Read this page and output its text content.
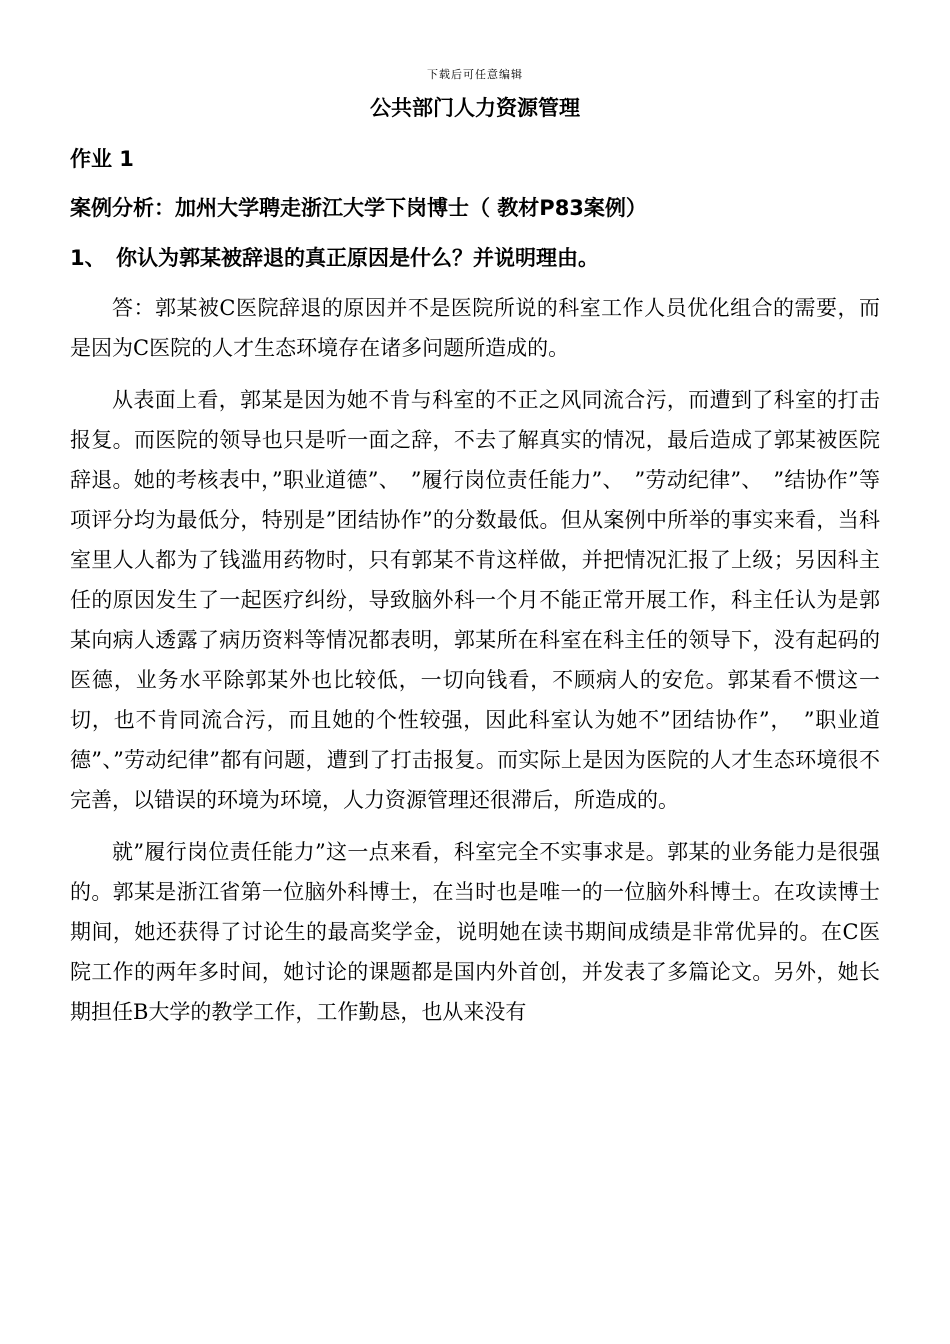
下载后可任意编辑
公共部门人力资源管理
作业 1
案例分析：加州大学聘走浙江大学下岗博士（ 教材P83案例）
1、 你认为郭某被辞退的真正原因是什么？并说明理由。

答：郭某被C医院辞退的原因并不是医院所说的科室工作人员优化组合的需要，而是因为C医院的人才生态环境存在诸多问题所造成的。

从表面上看，郭某是因为她不肯与科室的不正之风同流合污，而遭到了科室的打击报复。而医院的领导也只是听一面之辞，不去了解真实的情况，最后造成了郭某被医院辞退。她的考核表中，”职业道德”、　”履行岗位责任能力”、　”劳动纪律”、　”结协作”等项评分均为最低分，特别是”团结协作”的分数最低。但从案例中所举的事实来看，当科室里人人都为了钱滥用药物时，只有郭某不肯这样做，并把情况汇报了上级；另因科主任的原因发生了一起医疗纠纷，导致脑外科一个月不能正常开展工作，科主任认为是郭某向病人透露了病历资料等情况都表明，郭某所在科室在科主任的领导下，没有起码的医德，业务水平除郭某外也比较低，一切向钱看，不顾病人的安危。郭某看不惯这一切，也不肯同流合污，而且她的个性较强，因此科室认为她不”团结协作”，　”职业道德”、”劳动纪律”都有问题，遭到了打击报复。而实际上是因为医院的人才生态环境很不完善，以错误的环境为环境，人力资源管理还很滞后，所造成的。

就”履行岗位责任能力”这一点来看，科室完全不实事求是。郭某的业务能力是很强的。郭某是浙江省第一位脑外科博士，在当时也是唯一的一位脑外科博士。在攻读博士期间，她还获得了讨论生的最高奖学金，说明她在读书期间成绩是非常优异的。在C医院工作的两年多时间，她讨论的课题都是国内外首创，并发表了多篇论文。另外，她长期担任B大学的教学工作，工作勤恳，也从来没有
